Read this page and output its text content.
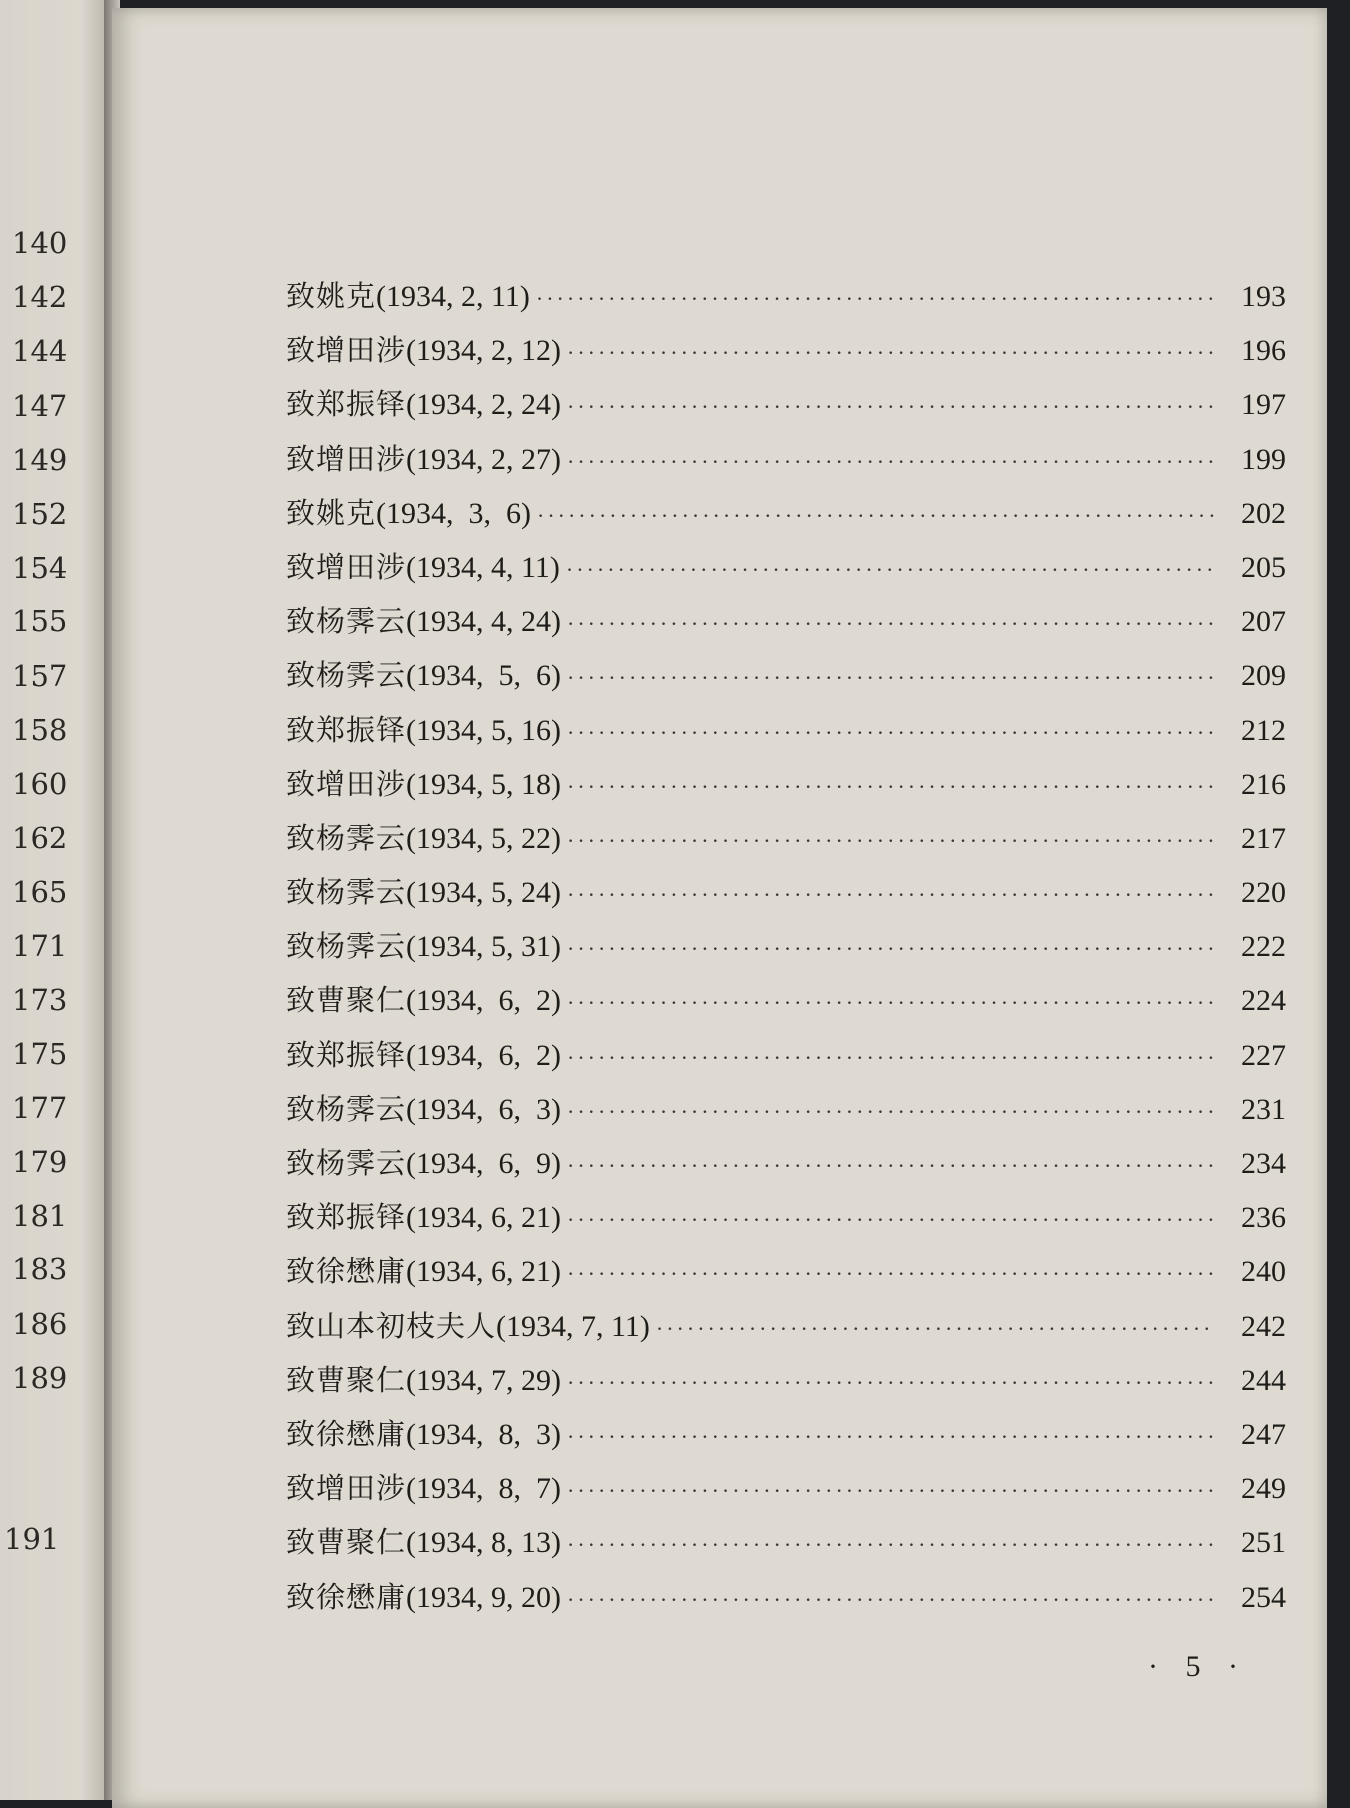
140
142
144
147
149
152
154
155
157
158
160
162
165
171
173
175
177
179
181
183
186
189
191
致姚克 (1934, 2, 11) ·····	193
致增田涉 (1934, 2, 12) ·····	196
致郑振铎 (1934, 2, 24) ·····	197
致增田涉 (1934, 2, 27) ·····	199
致姚克 (1934,  3,  6) ·····	202
致增田涉 (1934, 4, 11) ·····	205
致杨霁云 (1934, 4, 24) ·····	207
致杨霁云 (1934,  5,  6) ·····	209
致郑振铎 (1934, 5, 16) ·····	212
致增田涉 (1934, 5, 18) ·····	216
致杨霁云 (1934, 5, 22) ·····	217
致杨霁云 (1934, 5, 24) ·····	220
致杨霁云 (1934, 5, 31) ·····	222
致曹聚仁 (1934,  6,  2) ·····	224
致郑振铎 (1934,  6,  2) ·····	227
致杨霁云 (1934,  6,  3) ·····	231
致杨霁云 (1934,  6,  9) ·····	234
致郑振铎 (1934, 6, 21) ·····	236
致徐懋庸 (1934, 6, 21) ·····	240
致山本初枝夫人 (1934, 7, 11) ·····	242
致曹聚仁 (1934, 7, 29) ·····	244
致徐懋庸 (1934,  8,  3) ·····	247
致增田涉 (1934,  8,  7) ·····	249
致曹聚仁 (1934, 8, 13) ·····	251
致徐懋庸 (1934, 9, 20) ·····	254
· 5 ·
